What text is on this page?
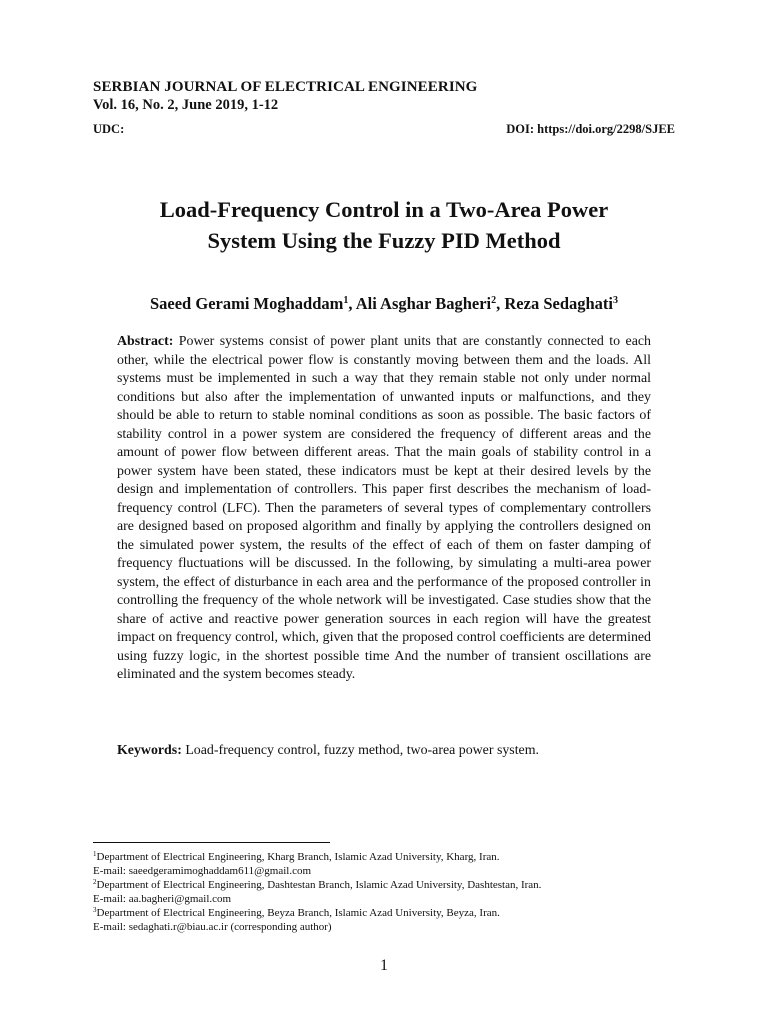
SERBIAN JOURNAL OF ELECTRICAL ENGINEERING
Vol. 16, No. 2, June 2019, 1-12
UDC:	DOI: https://doi.org/2298/SJEE
Load-Frequency Control in a Two-Area Power
System Using the Fuzzy PID Method
Saeed Gerami Moghaddam$^1$, Ali Asghar Bagheri$^2$, Reza Sedaghati$^3$
Abstract: Power systems consist of power plant units that are constantly connected to each other, while the electrical power flow is constantly moving between them and the loads. All systems must be implemented in such a way that they remain stable not only under normal conditions but also after the implementation of unwanted inputs or malfunctions, and they should be able to return to stable nominal conditions as soon as possible. The basic factors of stability control in a power system are considered the frequency of different areas and the amount of power flow between different areas. That the main goals of stability control in a power system have been stated, these indicators must be kept at their desired levels by the design and implementation of controllers. This paper first describes the mechanism of load-frequency control (LFC). Then the parameters of several types of complementary controllers are designed based on proposed algorithm and finally by applying the controllers designed on the simulated power system, the results of the effect of each of them on faster damping of frequency fluctuations will be discussed. In the following, by simulating a multi-area power system, the effect of disturbance in each area and the performance of the proposed controller in controlling the frequency of the whole network will be investigated. Case studies show that the share of active and reactive power generation sources in each region will have the greatest impact on frequency control, which, given that the proposed control coefficients are determined using fuzzy logic, in the shortest possible time And the number of transient oscillations are eliminated and the system becomes steady.
Keywords: Load-frequency control, fuzzy method, two-area power system.
$^1$Department of Electrical Engineering, Kharg Branch, Islamic Azad University, Kharg, Iran.
E-mail: saeedgeramimoghaddam611@gmail.com
$^2$Department of Electrical Engineering, Dashtestan Branch, Islamic Azad University, Dashtestan, Iran.
E-mail: aa.bagheri@gmail.com
$^3$Department of Electrical Engineering, Beyza Branch, Islamic Azad University, Beyza, Iran.
E-mail: sedaghati.r@biau.ac.ir (corresponding author)
1
